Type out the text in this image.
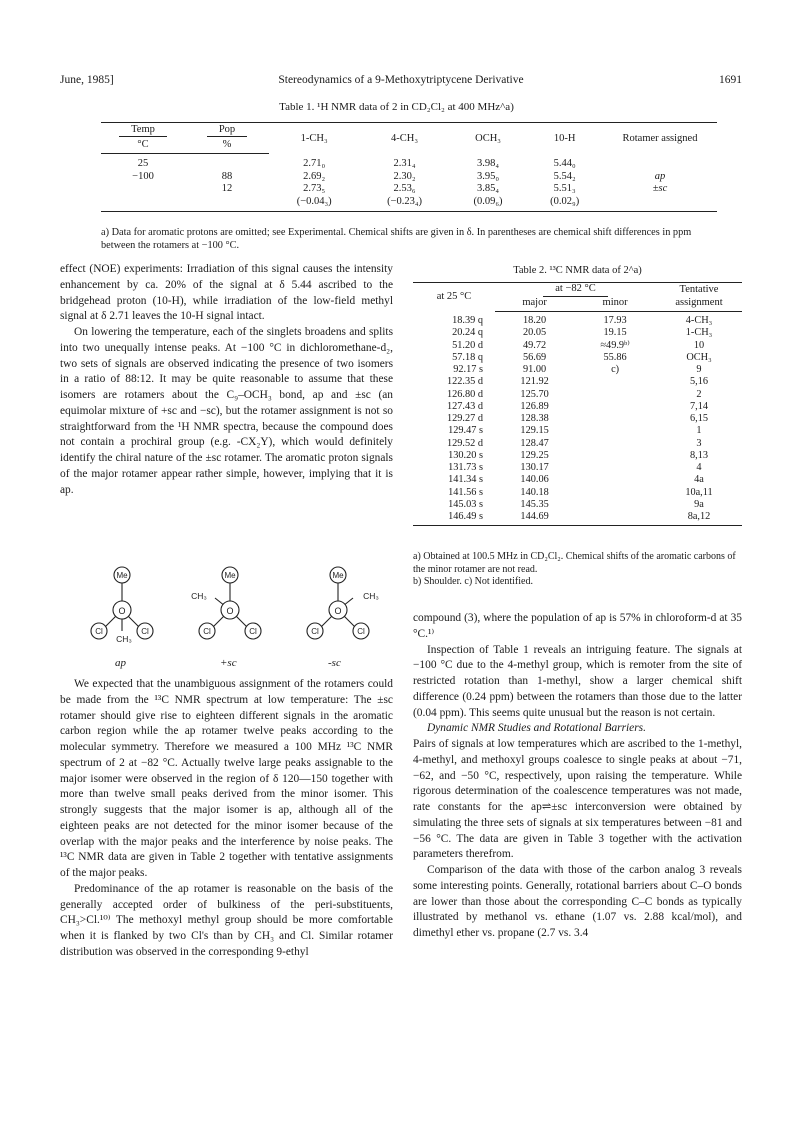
June, 1985]	Stereodynamics of a 9-Methoxytriptycene Derivative	1691
Table 1. ¹H NMR data of 2 in CD₂Cl₂ at 400 MHz^a)
Temp	Pop	1-CH₃	4-CH₃	OCH₃	10-H	Rotamer assigned
°C	%					
25		2.71₀	2.31₄	3.98₄	5.44₀	
−100	88	2.69₂	2.30₂	3.95₀	5.54₂	ap
	12	2.73₅	2.53₆	3.85₄	5.51₃	±sc
		(−0.04₃)	(−0.23₄)	(0.09₆)	(0.02₉)	
a) Data for aromatic protons are omitted; see Experimental. Chemical shifts are given in δ. In parentheses are chemical shift differences in ppm between the rotamers at −100 °C.

effect (NOE) experiments: Irradiation of this signal causes the intensity enhancement by ca. 20% of the signal at δ 5.44 ascribed to the bridgehead proton (10-H), while irradiation of the low-field methyl signal at δ 2.71 leaves the 10-H signal intact.

On lowering the temperature, each of the singlets broadens and splits into two unequally intense peaks. At −100 °C in dichloromethane-d₂, two sets of signals are observed indicating the presence of two isomers in a ratio of 88:12. It may be quite reasonable to assume that these isomers are rotamers about the C₉–OCH₃ bond, ap and ±sc (an equimolar mixture of +sc and −sc), but the rotamer assignment is not so straightforward from the ¹H NMR spectra, because the compound does not contain a prochiral group (e.g. -CX₂Y), which would definitely identify the chiral nature of the ±sc rotamer. The aromatic proton signals of the major rotamer appear rather simple, however, implying that it is ap.

O
Me
Cl	Cl
CH₃
O
Me
Cl	Cl
CH₃
O
Me
Cl	Cl
CH₃
ap	+sc	-sc

We expected that the unambiguous assignment of the rotamers could be made from the ¹³C NMR spectrum at low temperature: The ±sc rotamer should give rise to eighteen different signals in the aromatic carbon region while the ap rotamer twelve peaks according to the molecular symmetry. Therefore we measured a 100 MHz ¹³C NMR spectrum of 2 at −82 °C. Actually twelve large peaks assignable to the major isomer were observed in the region of δ 120—150 together with more than twelve small peaks derived from the minor isomer. This strongly suggests that the major isomer is ap, although all of the eighteen peaks are not detected for the minor isomer because of the overlap with the major peaks and the interference by noise peaks. The ¹³C NMR data are given in Table 2 together with tentative assignments of the major peaks.

Predominance of the ap rotamer is reasonable on the basis of the generally accepted order of bulkiness of the peri-substituents, CH₃>Cl.¹⁰⁾ The methoxyl methyl group should be more comfortable when it is flanked by two Cl's than by CH₃ and Cl. Similar rotamer distribution was observed in the corresponding 9-ethyl

Table 2. ¹³C NMR data of 2^a)
at 25 °C	at −82 °C		Tentative
	major	minor	assignment
18.39 q	18.20	17.93	4-CH₃
20.24 q	20.05	19.15	1-CH₃
51.20 d	49.72	≈49.9ᵇ⁾	10
57.18 q	56.69	55.86	OCH₃
92.17 s	91.00	c)	9
122.35 d	121.92		5,16
126.80 d	125.70		2
127.43 d	126.89		7,14
129.27 d	128.38		6,15
129.47 s	129.15		1
129.52 d	128.47		3
130.20 s	129.25		8,13
131.73 s	130.17		4
141.34 s	140.06		4a
141.56 s	140.18		10a,11
145.03 s	145.35		9a
146.49 s	144.69		8a,12
a) Obtained at 100.5 MHz in CD₂Cl₂. Chemical shifts of the aromatic carbons of the minor rotamer are not read.
b) Shoulder. c) Not identified.

compound (3), where the population of ap is 57% in chloroform-d at 35 °C.¹⁾

Inspection of Table 1 reveals an intriguing feature. The signals at −100 °C due to the 4-methyl group, which is remoter from the site of restricted rotation than 1-methyl, show a larger chemical shift difference (0.24 ppm) between the rotamers than those due to the latter (0.04 ppm). This seems quite unusual but the reason is not certain.

Dynamic NMR Studies and Rotational Barriers.

Pairs of signals at low temperatures which are ascribed to the 1-methyl, 4-methyl, and methoxyl groups coalesce to single peaks at about −71, −62, and −50 °C, respectively, upon raising the temperature. While rigorous determination of the coalescence temperatures was not made, rate constants for the ap⇌±sc interconversion were obtained by simulating the three sets of signals at six temperatures between −81 and −56 °C. The data are given in Table 3 together with the activation parameters therefrom.

Comparison of the data with those of the carbon analog 3 reveals some interesting points. Generally, rotational barriers about C–O bonds are lower than those about the corresponding C–C bonds as typically illustrated by methanol vs. ethane (1.07 vs. 2.88 kcal/mol), and dimethyl ether vs. propane (2.7 vs. 3.4
